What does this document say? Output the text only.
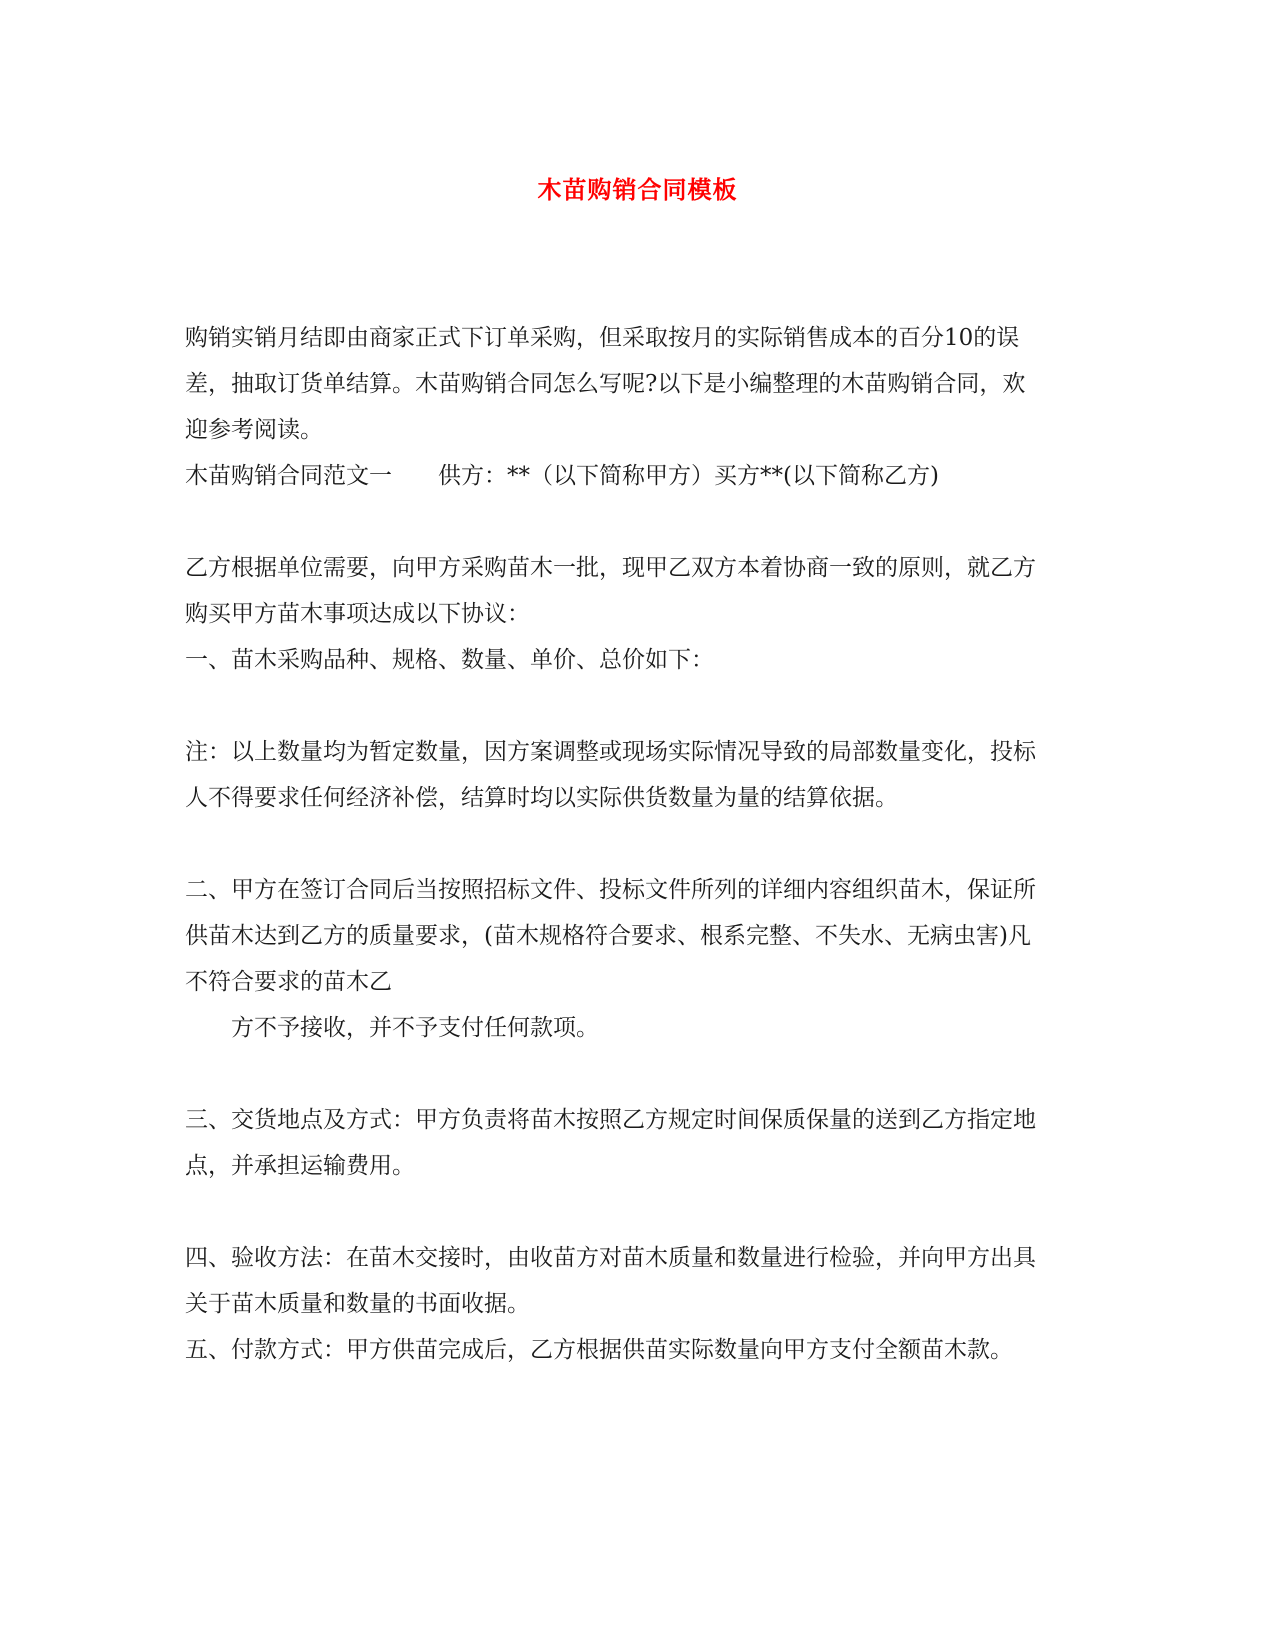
木苗购销合同模板

购销实销月结即由商家正式下订单采购，但采取按月的实际销售成本的百分10的误差，抽取订货单结算。木苗购销合同怎么写呢?以下是小编整理的木苗购销合同，欢迎参考阅读。

木苗购销合同范文一　　供方：**（以下简称甲方）买方**(以下简称乙方)

乙方根据单位需要，向甲方采购苗木一批，现甲乙双方本着协商一致的原则，就乙方购买甲方苗木事项达成以下协议：

一、苗木采购品种、规格、数量、单价、总价如下：

注：以上数量均为暂定数量，因方案调整或现场实际情况导致的局部数量变化，投标人不得要求任何经济补偿，结算时均以实际供货数量为量的结算依据。

二、甲方在签订合同后当按照招标文件、投标文件所列的详细内容组织苗木，保证所供苗木达到乙方的质量要求，(苗木规格符合要求、根系完整、不失水、无病虫害)凡不符合要求的苗木乙

方不予接收，并不予支付任何款项。

三、交货地点及方式：甲方负责将苗木按照乙方规定时间保质保量的送到乙方指定地点，并承担运输费用。

四、验收方法：在苗木交接时，由收苗方对苗木质量和数量进行检验，并向甲方出具关于苗木质量和数量的书面收据。

五、付款方式：甲方供苗完成后，乙方根据供苗实际数量向甲方支付全额苗木款。
